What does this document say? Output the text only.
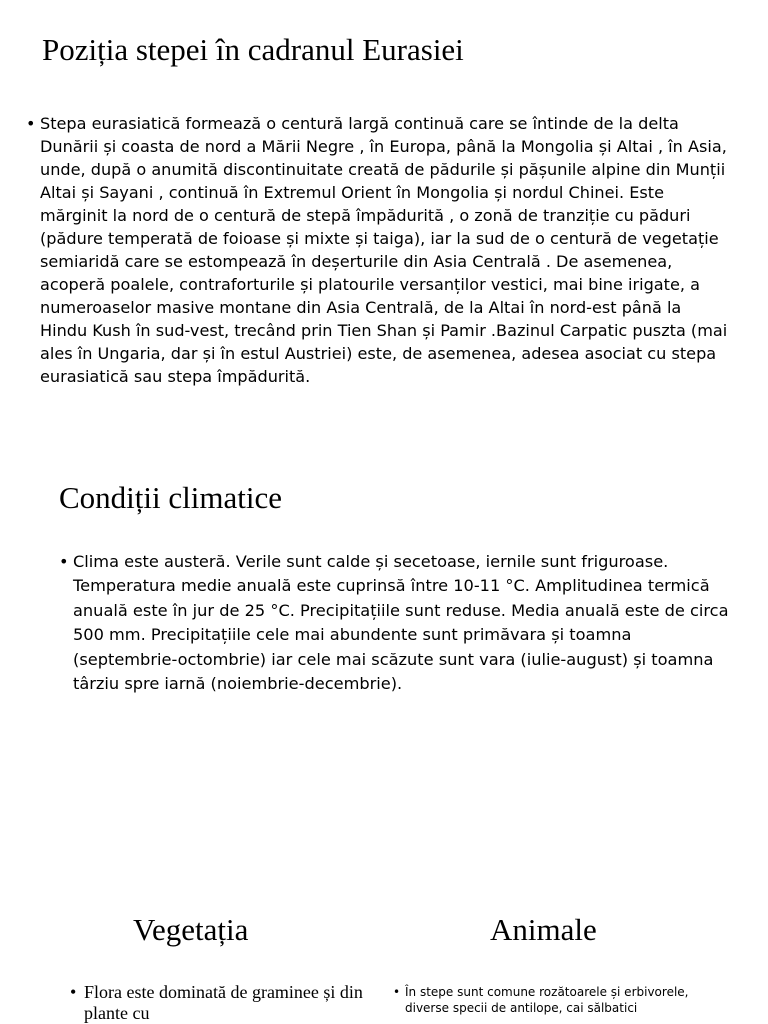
Poziția stepei în cadranul Eurasiei

• Stepa eurasiatică formează o centură largă continuă care se întinde de la delta Dunării și coasta de nord a Mării Negre , în Europa, până la Mongolia și Altai , în Asia, unde, după o anumită discontinuitate creată de pădurile și pășunile alpine din Munții Altai și Sayani , continuă în Extremul Orient în Mongolia și nordul Chinei. Este mărginit la nord de o centură de stepă împădurită , o zonă de tranziție cu păduri (pădure temperată de foioase și mixte și taiga), iar la sud de o centură de vegetație semiaridă care se estompează în deșerturile din Asia Centrală . De asemenea, acoperă poalele, contraforturile și platourile versanților vestici, mai bine irigate, a numeroaselor masive montane din Asia Centrală, de la Altai în nord-est până la Hindu Kush în sud-vest, trecând prin Tien Shan și Pamir .Bazinul Carpatic puszta (mai ales în Ungaria, dar și în estul Austriei) este, de asemenea, adesea asociat cu stepa eurasiatică sau stepa împădurită.

Condiții climatice

• Clima este austeră. Verile sunt calde și secetoase, iernile sunt friguroase. Temperatura medie anuală este cuprinsă între 10-11 °C. Amplitudinea termică anuală este în jur de 25 °C. Precipitațiile sunt reduse. Media anuală este de circa 500 mm. Precipitațiile cele mai abundente sunt primăvara și toamna (septembrie-octombrie) iar cele mai scăzute sunt vara (iulie-august) și toamna târziu spre iarnă (noiembrie-decembrie).

Vegetația	Animale

• Flora este dominată de graminee și din plante cu

• În stepe sunt comune rozătoarele și erbivorele, diverse specii de antilope, cai sălbatici
